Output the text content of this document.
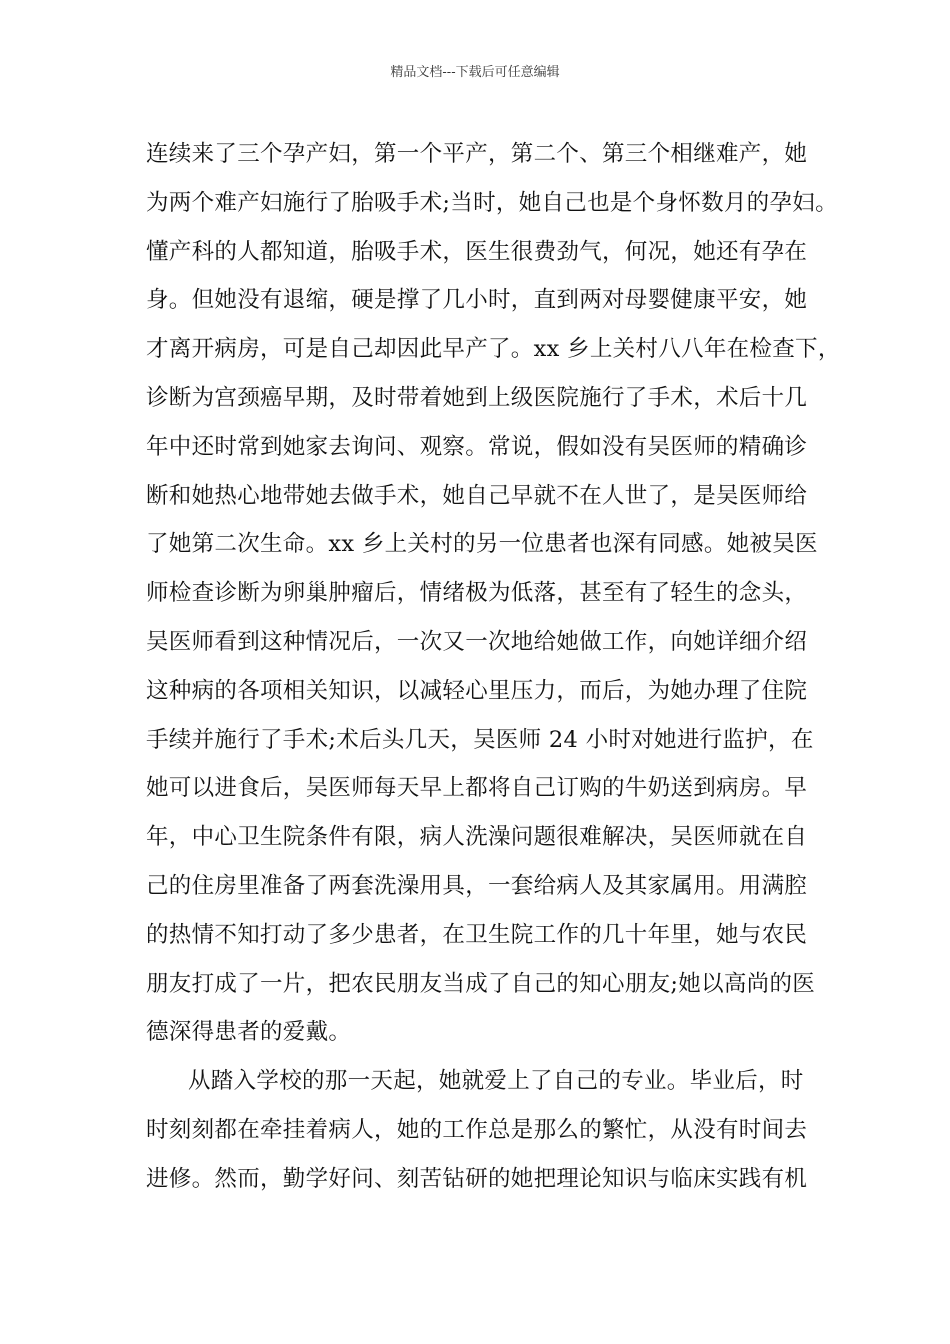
精品文档---下载后可任意编辑
连续来了三个孕产妇，第一个平产，第二个、第三个相继难产，她
为两个难产妇施行了胎吸手术;当时，她自己也是个身怀数月的孕妇。
懂产科的人都知道，胎吸手术，医生很费劲气，何况，她还有孕在
身。但她没有退缩，硬是撑了几小时，直到两对母婴健康平安，她
才离开病房，可是自己却因此早产了。xx 乡上关村八八年在检查下，
诊断为宫颈癌早期，及时带着她到上级医院施行了手术，术后十几
年中还时常到她家去询问、观察。常说，假如没有吴医师的精确诊
断和她热心地带她去做手术，她自己早就不在人世了，是吴医师给
了她第二次生命。xx 乡上关村的另一位患者也深有同感。她被吴医
师检查诊断为卵巢肿瘤后，情绪极为低落，甚至有了轻生的念头，
吴医师看到这种情况后，一次又一次地给她做工作，向她详细介绍
这种病的各项相关知识，以减轻心里压力，而后，为她办理了住院
手续并施行了手术;术后头几天，吴医师 24 小时对她进行监护，在
她可以进食后，吴医师每天早上都将自己订购的牛奶送到病房。早
年，中心卫生院条件有限，病人洗澡问题很难解决，吴医师就在自
己的住房里准备了两套洗澡用具，一套给病人及其家属用。用满腔
的热情不知打动了多少患者，在卫生院工作的几十年里，她与农民
朋友打成了一片，把农民朋友当成了自己的知心朋友;她以高尚的医
德深得患者的爱戴。
从踏入学校的那一天起，她就爱上了自己的专业。毕业后，时
时刻刻都在牵挂着病人，她的工作总是那么的繁忙，从没有时间去
进修。然而，勤学好问、刻苦钻研的她把理论知识与临床实践有机
